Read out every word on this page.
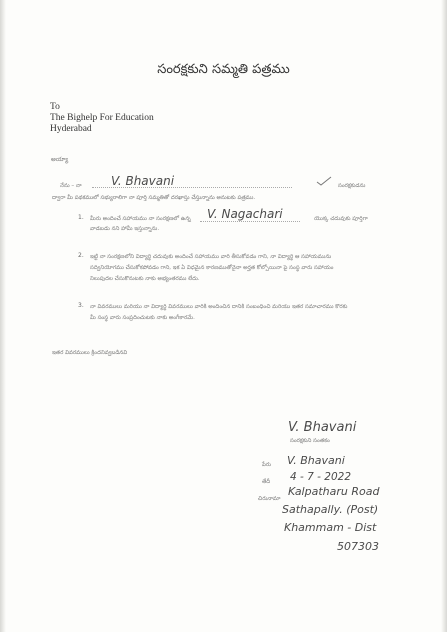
సంరక్షకుని సమ్మతి పత్రము
To
The Bighelp For Education
Hyderabad
అయ్యా
నేను – నా V. Bhavani	సంరక్షకుడను
ద్వారా మీ పథకములో సభ్యురాలిగా నా పూర్తి సమ్మతితో దరఖాస్తు చేస్తున్నాను అనుటకు పత్రము.
1. మీరు అందించే సహాయము నా సంరక్షణలో ఉన్న V. Nagachari	యొక్క చదువుకు పూర్తిగా
వాడబడు నని హామీ ఇస్తున్నాను.
2. ఇట్టి నా సంరక్షణలోని విద్యార్థి చదువుకు అందించే సహాయము వారి తీసుకోవడం గాని, నా విద్యార్థి ఆ సహాయమును
సద్వినియోగము చేసుకోకపోవడం గాని, ఇక ఏ విధమైన కారణముతోనైనా అర్హత కోల్పోయినా పై సంస్థ వారు సహాయం
నిలుపుదల చేసుకొనుటకు నాకు అభ్యంతరము లేదు.
3. నా వివరములు మరియు నా విద్యార్థి వివరములు వారికి అందించిన దానికి సంబంధించి మరియు ఇతర సమాచారము కొరకు
మీ సంస్థ వారు సంప్రదించుటకు నాకు అంగీకారమే.
ఇతర వివరములు క్రిందనివ్వబడినవి
V. Bhavani
సంరక్షకుని సంతకం
పేరు V. Bhavani
తేదీ 4 - 7 - 2022
చిరునామా
Kalpatharu Road
Sathapally. (Post)
Khammam - Dist
507303
